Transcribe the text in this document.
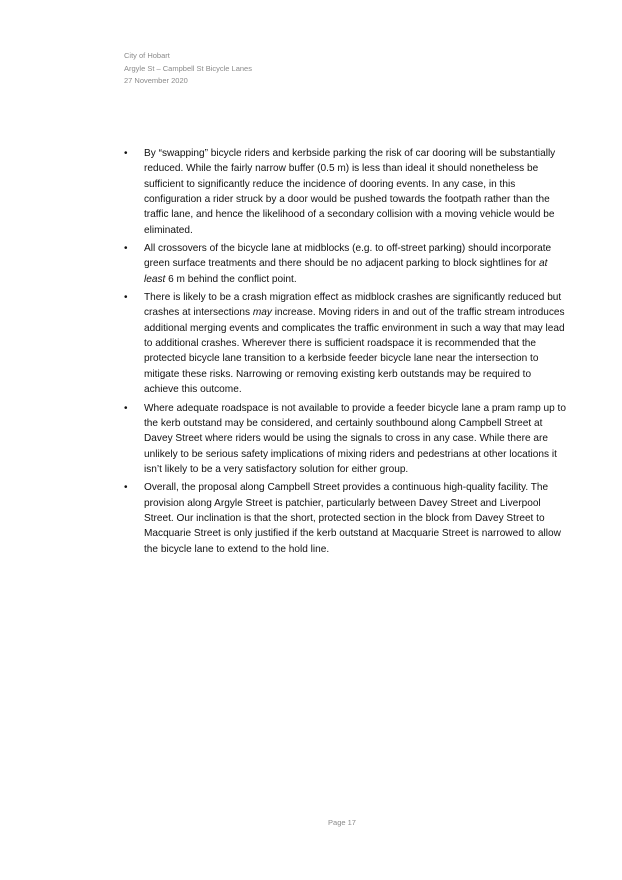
City of Hobart
Argyle St – Campbell St Bicycle Lanes
27 November 2020
•	By “swapping” bicycle riders and kerbside parking the risk of car dooring will be substantially reduced. While the fairly narrow buffer (0.5 m) is less than ideal it should nonetheless be sufficient to significantly reduce the incidence of dooring events. In any case, in this configuration a rider struck by a door would be pushed towards the footpath rather than the traffic lane, and hence the likelihood of a secondary collision with a moving vehicle would be eliminated.
•	All crossovers of the bicycle lane at midblocks (e.g. to off-street parking) should incorporate green surface treatments and there should be no adjacent parking to block sightlines for at least 6 m behind the conflict point.
•	There is likely to be a crash migration effect as midblock crashes are significantly reduced but crashes at intersections may increase. Moving riders in and out of the traffic stream introduces additional merging events and complicates the traffic environment in such a way that may lead to additional crashes. Wherever there is sufficient roadspace it is recommended that the protected bicycle lane transition to a kerbside feeder bicycle lane near the intersection to mitigate these risks. Narrowing or removing existing kerb outstands may be required to achieve this outcome.
•	Where adequate roadspace is not available to provide a feeder bicycle lane a pram ramp up to the kerb outstand may be considered, and certainly southbound along Campbell Street at Davey Street where riders would be using the signals to cross in any case. While there are unlikely to be serious safety implications of mixing riders and pedestrians at other locations it isn’t likely to be a very satisfactory solution for either group.
•	Overall, the proposal along Campbell Street provides a continuous high-quality facility. The provision along Argyle Street is patchier, particularly between Davey Street and Liverpool Street. Our inclination is that the short, protected section in the block from Davey Street to Macquarie Street is only justified if the kerb outstand at Macquarie Street is narrowed to allow the bicycle lane to extend to the hold line.
Page 17
